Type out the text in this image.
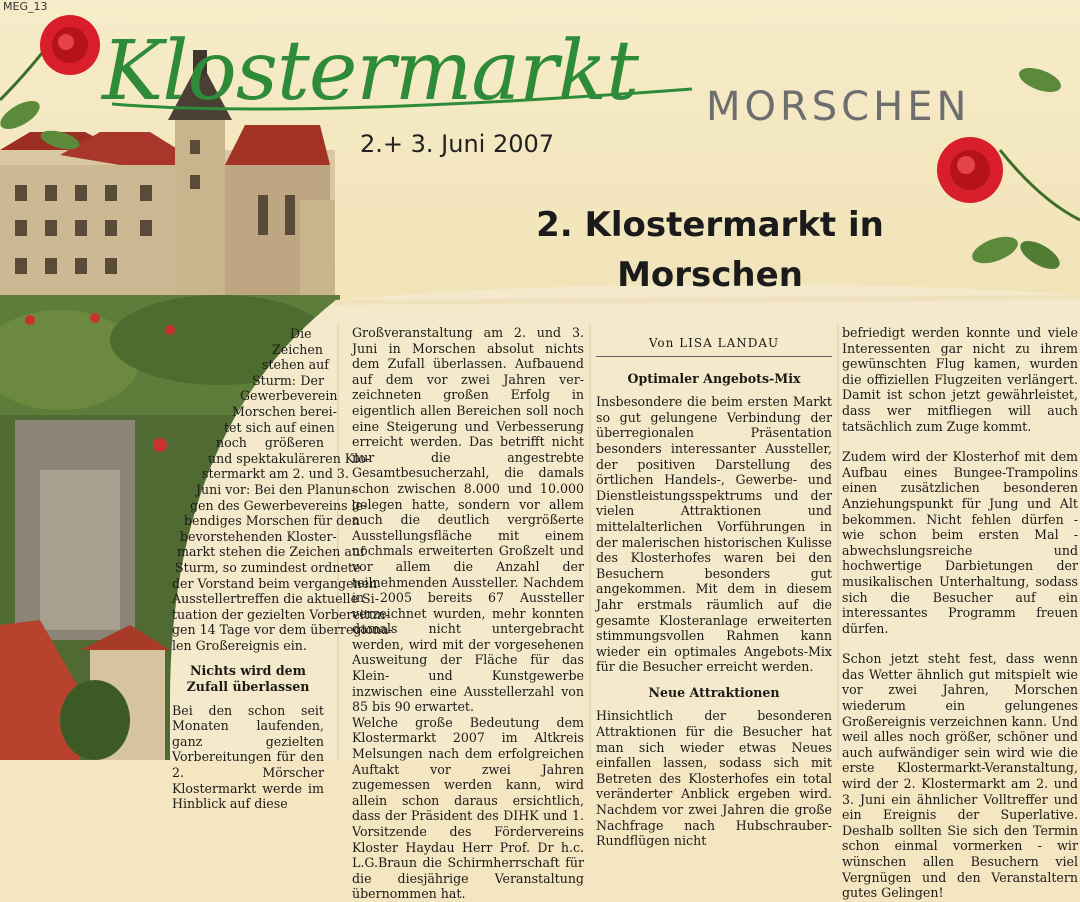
MEG_13
Klostermarkt MORSCHEN
2.+ 3. Juni 2007
2. Klostermarkt in
Morschen
Die
Zeichen
stehen auf
Sturm: Der
Gewerbeverein
Morschen berei-
tet sich auf einen
noch größeren
und spektakuläreren Klo-
stermarkt am 2. und 3.
Juni vor: Bei den Planun-
gen des Gewerbevereins le-
bendiges Morschen für den
bevorstehenden Kloster-
markt stehen die Zeichen auf
Sturm, so zumindest ordnete
der Vorstand beim vergangenen
Ausstellertreffen die aktuelle Si-
tuation der gezielten Vorbereitun-
gen 14 Tage vor dem überregiona-
len Großereignis ein.

Nichts wird dem Zufall überlassen

Bei den schon seit Monaten laufenden, ganz gezielten Vorbereitungen für den 2. Mörscher Klostermarkt werde im Hinblick auf diese

Großveranstaltung am 2. und 3. Juni in Morschen absolut nichts dem Zufall überlassen. Aufbauend auf dem vor zwei Jahren ver-zeichneten großen Erfolg in eigentlich allen Bereichen soll noch eine Steigerung und Verbesserung erreicht werden. Das betrifft nicht nur die angestrebte Gesamtbesucherzahl, die damals schon zwischen 8.000 und 10.000 gelegen hatte, sondern vor allem auch die deutlich vergrößerte Ausstellungsfläche mit einem nochmals erweiterten Großzelt und vor allem die Anzahl der teilnehmenden Aussteller. Nachdem in 2005 bereits 67 Aussteller verzeichnet wurden, mehr konnten damals nicht untergebracht werden, wird mit der vorgesehenen Ausweitung der Fläche für das Klein- und Kunstgewerbe inzwischen eine Ausstellerzahl von 85 bis 90 erwartet.

Welche große Bedeutung dem Klostermarkt 2007 im Altkreis Melsungen nach dem erfolgreichen Auftakt vor zwei Jahren zugemessen werden kann, wird allein schon daraus ersichtlich, dass der Präsident des DIHK und 1. Vorsitzende des Fördervereins Kloster Haydau Herr Prof. Dr h.c. L.G.Braun die Schirmherrschaft für die diesjährige Veranstaltung übernommen hat.

Von LISA LANDAU

Optimaler Angebots-Mix

Insbesondere die beim ersten Markt so gut gelungene Verbindung der überregionalen Präsentation besonders interessanter Aussteller, der positiven Darstellung des örtlichen Handels-, Gewerbe- und Dienstleistungsspektrums und der vielen Attraktionen und mittelalterlichen Vorführungen in der malerischen historischen Kulisse des Klosterhofes waren bei den Besuchern besonders gut angekommen. Mit dem in diesem Jahr erstmals räumlich auf die gesamte Klosteranlage erweiterten stimmungsvollen Rahmen kann wieder ein optimales Angebots-Mix für die Besucher erreicht werden.

Neue Attraktionen

Hinsichtlich der besonderen Attraktionen für die Besucher hat man sich wieder etwas Neues einfallen lassen, sodass sich mit Betreten des Klosterhofes ein total veränderter Anblick ergeben wird. Nachdem vor zwei Jahren die große Nachfrage nach Hubschrauber-Rundflügen nicht

befriedigt werden konnte und viele Interessenten gar nicht zu ihrem gewünschten Flug kamen, wurden die offiziellen Flugzeiten verlängert. Damit ist schon jetzt gewährleistet, dass wer mitfliegen will auch tatsächlich zum Zuge kommt.

Zudem wird der Klosterhof mit dem Aufbau eines Bungee-Trampolins einen zusätzlichen besonderen Anziehungspunkt für Jung und Alt bekommen. Nicht fehlen dürfen - wie schon beim ersten Mal - abwechslungsreiche und hochwertige Darbietungen der musikalischen Unterhaltung, sodass sich die Besucher auf ein interessantes Programm freuen dürfen.

Schon jetzt steht fest, dass wenn das Wetter ähnlich gut mitspielt wie vor zwei Jahren, Morschen wiederum ein gelungenes Großereignis verzeichnen kann. Und weil alles noch größer, schöner und auch aufwändiger sein wird wie die erste Klostermarkt-Veranstaltung, wird der 2. Klostermarkt am 2. und 3. Juni ein ähnlicher Volltreffer und ein Ereignis der Superlative. Deshalb sollten Sie sich den Termin schon einmal vormerken - wir wünschen allen Besuchern viel Vergnügen und den Veranstaltern gutes Gelingen!
